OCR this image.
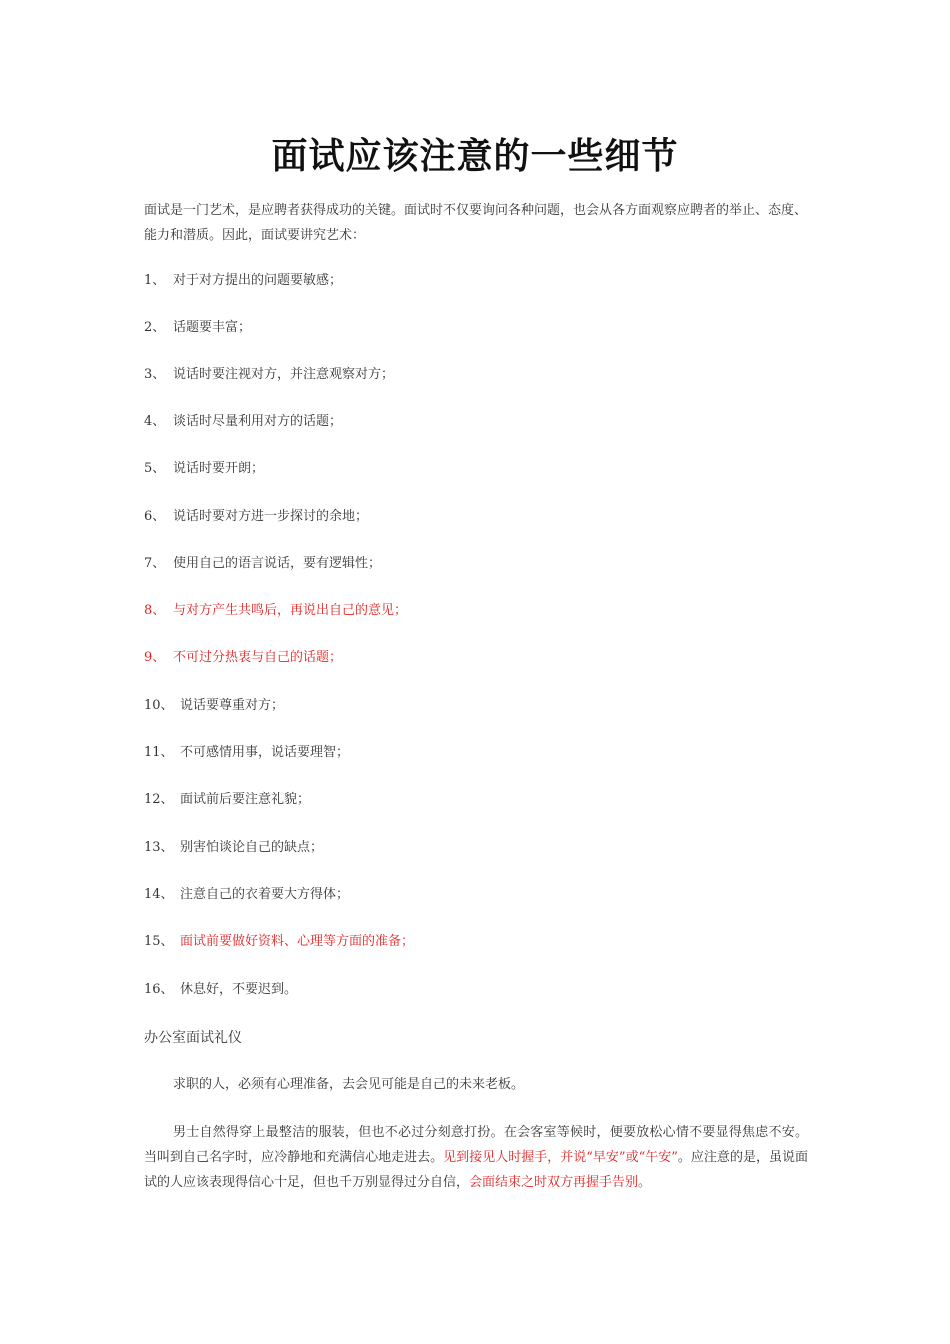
面试应该注意的一些细节
面试是一门艺术，是应聘者获得成功的关键。面试时不仅要询问各种问题，也会从各方面观察应聘者的举止、态度、能力和潜质。因此，面试要讲究艺术：
1、 对于对方提出的问题要敏感；
2、 话题要丰富；
3、 说话时要注视对方，并注意观察对方；
4、 谈话时尽量利用对方的话题；
5、 说话时要开朗；
6、 说话时要对方进一步探讨的余地；
7、 使用自己的语言说话，要有逻辑性；
8、 与对方产生共鸣后，再说出自己的意见；
9、 不可过分热衷与自己的话题；
10、 说话要尊重对方；
11、 不可感情用事，说话要理智；
12、 面试前后要注意礼貌；
13、 别害怕谈论自己的缺点；
14、 注意自己的衣着要大方得体；
15、 面试前要做好资料、心理等方面的准备；
16、 休息好，不要迟到。
办公室面试礼仪
求职的人，必须有心理准备，去会见可能是自己的未来老板。
男士自然得穿上最整洁的服装，但也不必过分刻意打扮。在会客室等候时，便要放松心情不要显得焦虑不安。当叫到自己名字时，应冷静地和充满信心地走进去。见到接见人时握手，并说“早安”或“午安”。应注意的是，虽说面试的人应该表现得信心十足，但也千万别显得过分自信，会面结束之时双方再握手告别。
